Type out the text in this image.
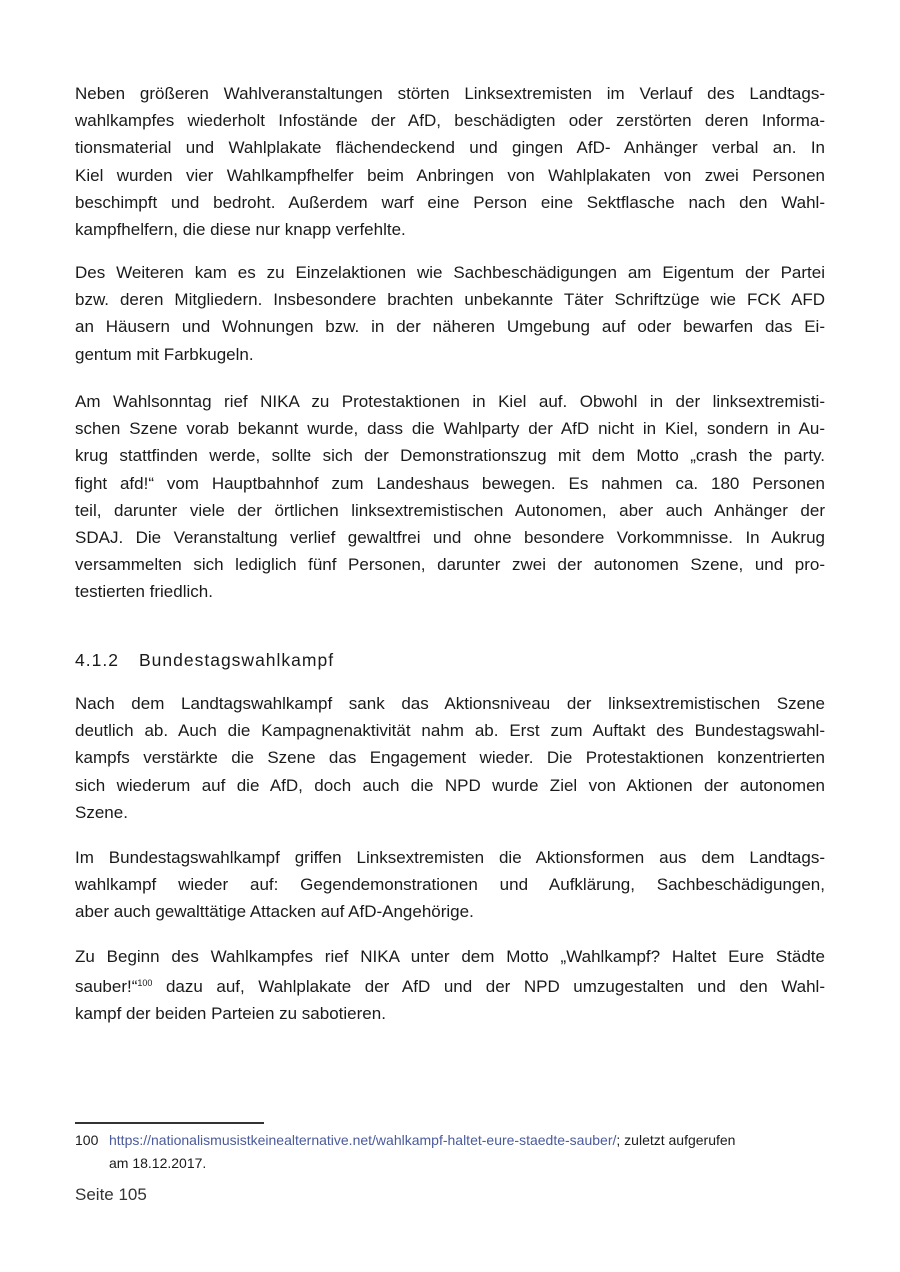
Neben größeren Wahlveranstaltungen störten Linksextremisten im Verlauf des Landtags-
wahlkampfes wiederholt Infostände der AfD, beschädigten oder zerstörten deren Informa-
tionsmaterial und Wahlplakate flächendeckend und gingen AfD- Anhänger verbal an. In
Kiel wurden vier Wahlkampfhelfer beim Anbringen von Wahlplakaten von zwei Personen
beschimpft und bedroht. Außerdem warf eine Person eine Sektflasche nach den Wahl-
kampfhelfern, die diese nur knapp verfehlte.
Des Weiteren kam es zu Einzelaktionen wie Sachbeschädigungen am Eigentum der Partei
bzw. deren Mitgliedern. Insbesondere brachten unbekannte Täter Schriftzüge wie FCK AFD
an Häusern und Wohnungen bzw. in der näheren Umgebung auf oder bewarfen das Ei-
gentum mit Farbkugeln.
Am Wahlsonntag rief NIKA zu Protestaktionen in Kiel auf. Obwohl in der linksextremisti-
schen Szene vorab bekannt wurde, dass die Wahlparty der AfD nicht in Kiel, sondern in Au-
krug stattfinden werde, sollte sich der Demonstrationszug mit dem Motto „crash the party.
fight afd!“ vom Hauptbahnhof zum Landeshaus bewegen. Es nahmen ca. 180 Personen
teil, darunter viele der örtlichen linksextremistischen Autonomen, aber auch Anhänger der
SDAJ. Die Veranstaltung verlief gewaltfrei und ohne besondere Vorkommnisse. In Aukrug
versammelten sich lediglich fünf Personen, darunter zwei der autonomen Szene, und pro-
testierten friedlich.
4.1.2 Bundestagswahlkampf
Nach dem Landtagswahlkampf sank das Aktionsniveau der linksextremistischen Szene
deutlich ab. Auch die Kampagnenaktivität nahm ab. Erst zum Auftakt des Bundestagswahl-
kampfs verstärkte die Szene das Engagement wieder. Die Protestaktionen konzentrierten
sich wiederum auf die AfD, doch auch die NPD wurde Ziel von Aktionen der autonomen
Szene.
Im Bundestagswahlkampf griffen Linksextremisten die Aktionsformen aus dem Landtags-
wahlkampf wieder auf: Gegendemonstrationen und Aufklärung, Sachbeschädigungen,
aber auch gewalttätige Attacken auf AfD-Angehörige.
Zu Beginn des Wahlkampfes rief NIKA unter dem Motto „Wahlkampf? Haltet Eure Städte
sauber!“$^{100}$ dazu auf, Wahlplakate der AfD und der NPD umzugestalten und den Wahl-
kampf der beiden Parteien zu sabotieren.
100 https://nationalismusistkeinealternative.net/wahlkampf-haltet-eure-staedte-sauber/; zuletzt aufgerufen
am 18.12.2017.
Seite 105
